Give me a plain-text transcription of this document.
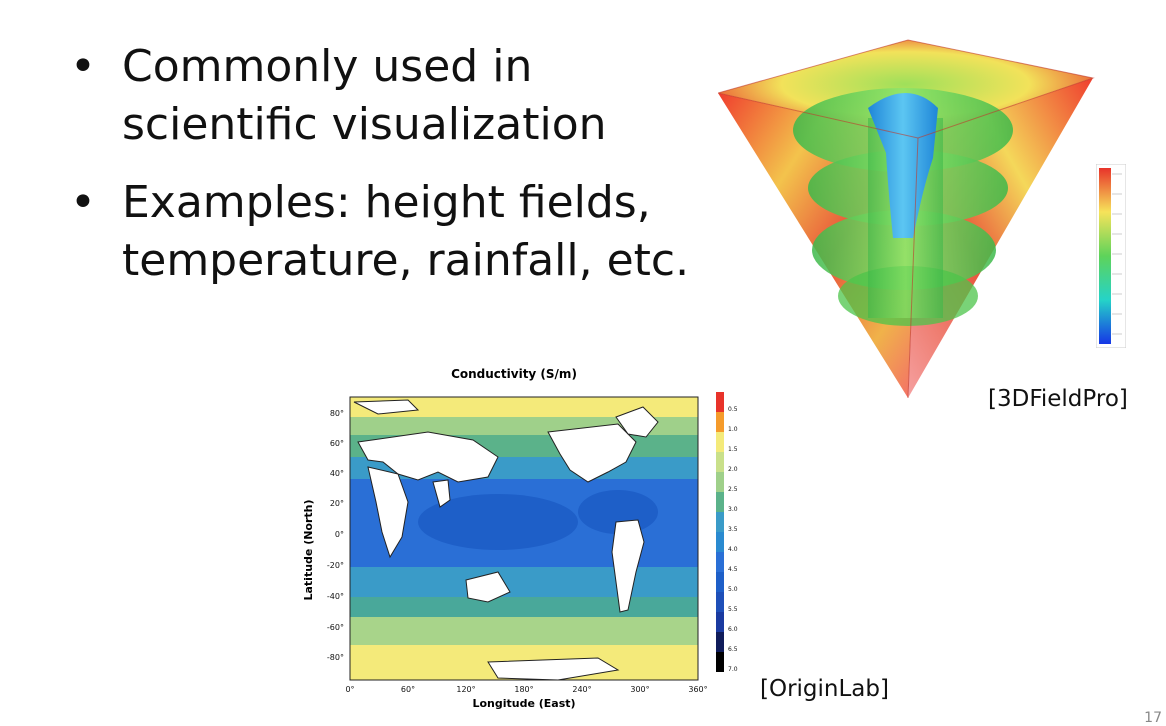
• Commonly used in scientific visualization
• Examples: height fields, temperature, rainfall, etc.
[3DFieldPro]
Conductivity (S/m)
Longitude (East)
Latitude (North)
0°	60°	120°	180°	240°	300°	360°
80°
60°
40°
20°
0°
-20°
-40°
-60°
-80°
0.5
1.0
1.5
2.0
2.5
3.0
3.5
4.0
4.5
5.0
5.5
6.0
6.5
7.0
[OriginLab]
17
